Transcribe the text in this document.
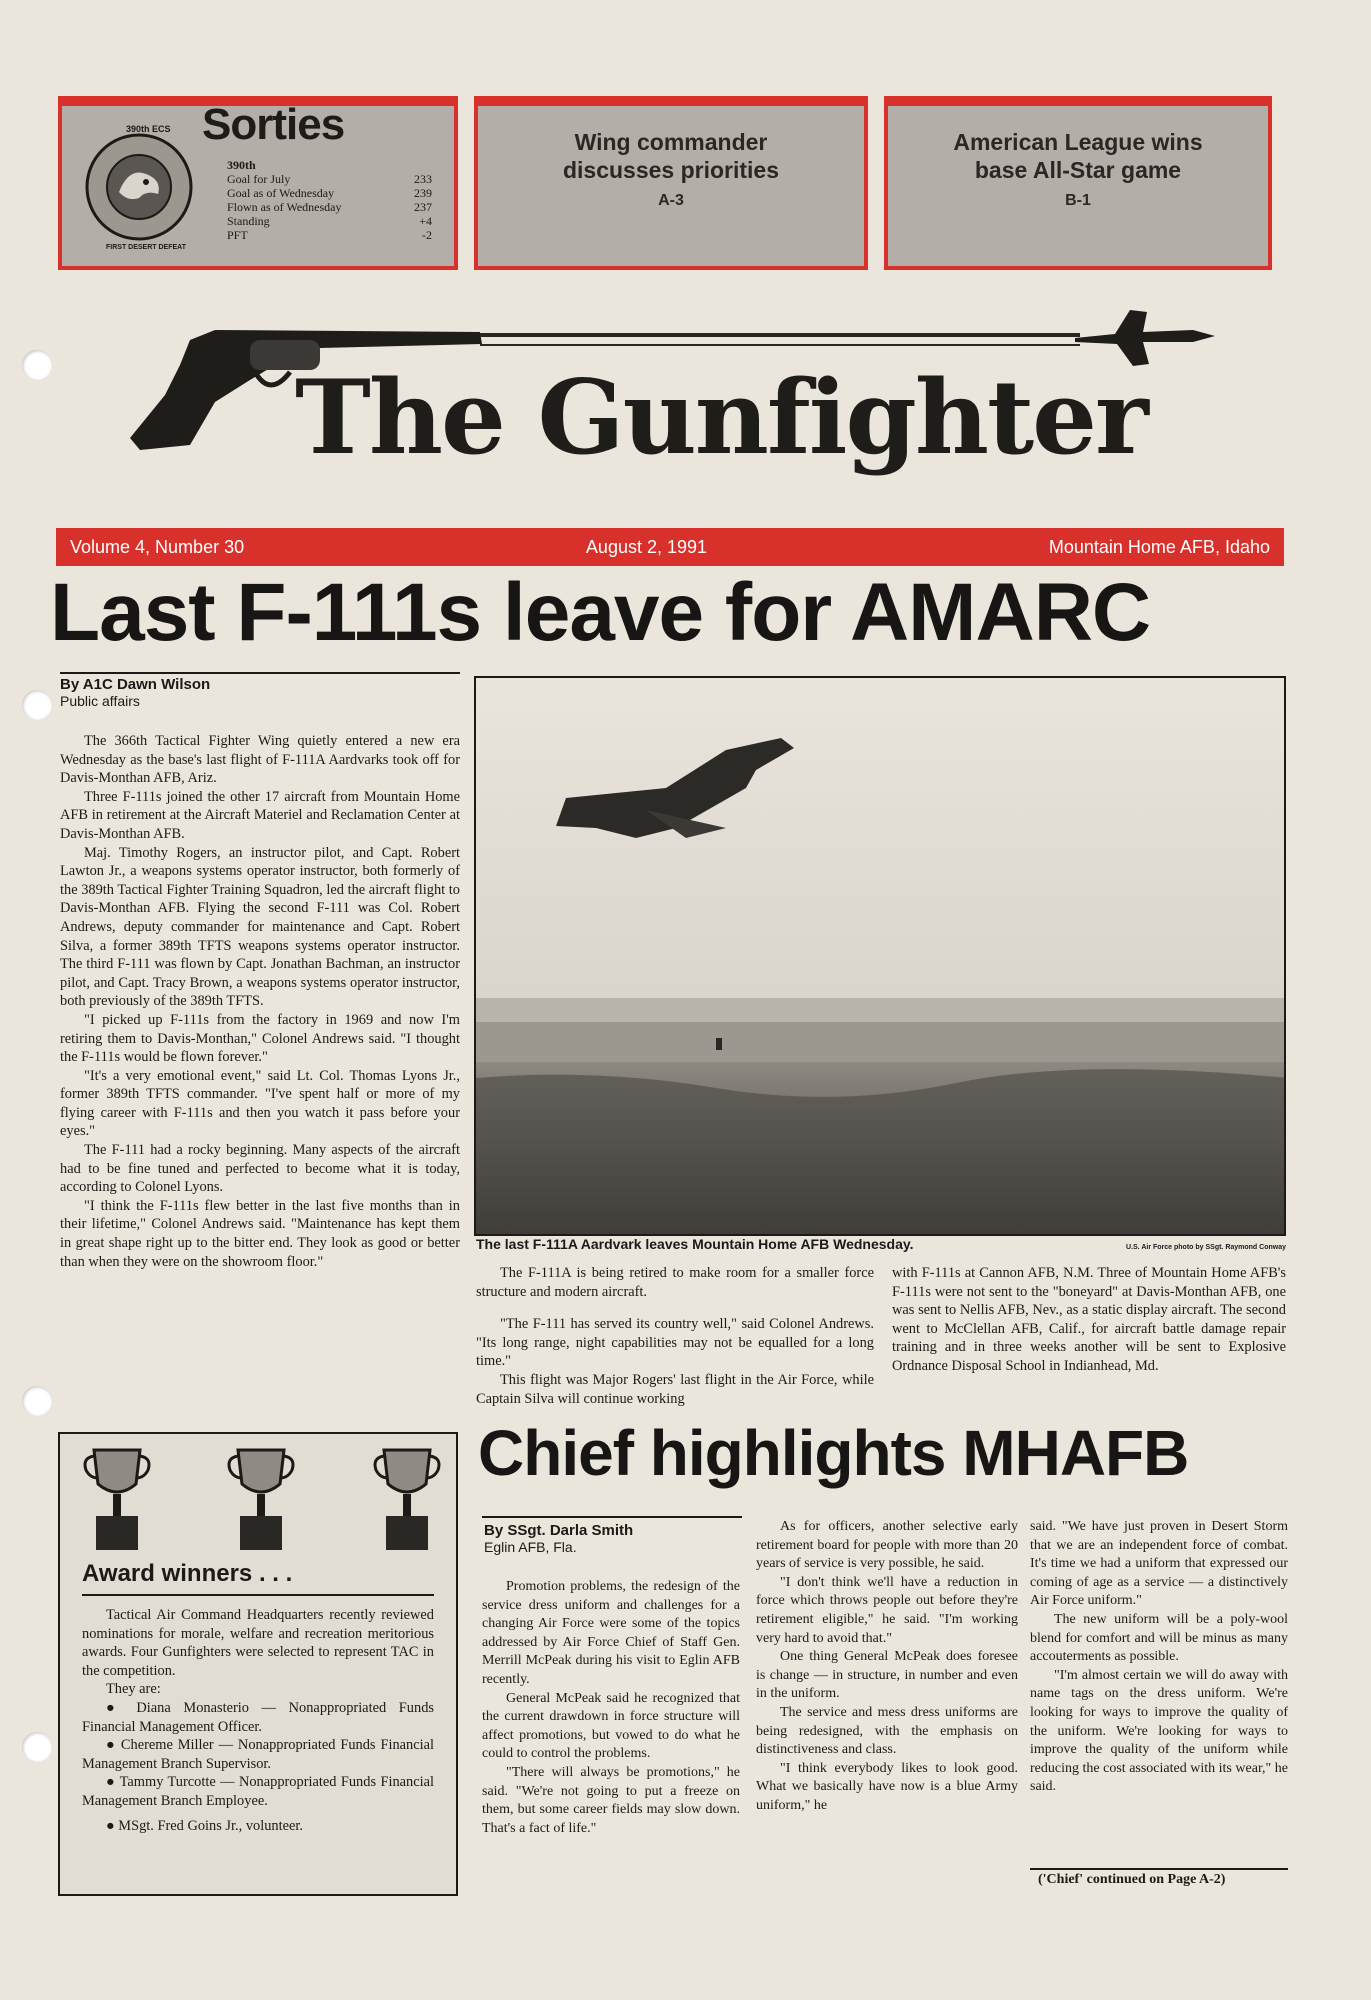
390th ECS
FIRST DESERT DEFEAT
Sorties
390th
Goal for July	233
Goal as of Wednesday	239
Flown as of Wednesday	237
Standing	+4
PFT	-2
Wing commander discusses priorities
A-3
American League wins base All-Star game
B-1
The Gunfighter
Volume 4, Number 30	August 2, 1991	Mountain Home AFB, Idaho
Last F-111s leave for AMARC
By A1C Dawn Wilson
Public affairs

The 366th Tactical Fighter Wing quietly entered a new era Wednesday as the base's last flight of F-111A Aardvarks took off for Davis-Monthan AFB, Ariz.

Three F-111s joined the other 17 aircraft from Mountain Home AFB in retirement at the Aircraft Materiel and Reclamation Center at Davis-Monthan AFB.

Maj. Timothy Rogers, an instructor pilot, and Capt. Robert Lawton Jr., a weapons systems operator instructor, both formerly of the 389th Tactical Fighter Training Squadron, led the aircraft flight to Davis-Monthan AFB. Flying the second F-111 was Col. Robert Andrews, deputy commander for maintenance and Capt. Robert Silva, a former 389th TFTS weapons systems operator instructor. The third F-111 was flown by Capt. Jonathan Bachman, an instructor pilot, and Capt. Tracy Brown, a weapons systems operator instructor, both previously of the 389th TFTS.

"I picked up F-111s from the factory in 1969 and now I'm retiring them to Davis-Monthan," Colonel Andrews said. "I thought the F-111s would be flown forever."

"It's a very emotional event," said Lt. Col. Thomas Lyons Jr., former 389th TFTS commander. "I've spent half or more of my flying career with F-111s and then you watch it pass before your eyes."

The F-111 had a rocky beginning. Many aspects of the aircraft had to be fine tuned and perfected to become what it is today, according to Colonel Lyons.

"I think the F-111s flew better in the last five months than in their lifetime," Colonel Andrews said. "Maintenance has kept them in great shape right up to the bitter end. They look as good or better than when they were on the showroom floor."

The last F-111A Aardvark leaves Mountain Home AFB Wednesday.	U.S. Air Force photo by SSgt. Raymond Conway

The F-111A is being retired to make room for a smaller force structure and modern aircraft.

"The F-111 has served its country well," said Colonel Andrews. "Its long range, night capabilities may not be equalled for a long time."

This flight was Major Rogers' last flight in the Air Force, while Captain Silva will continue working

with F-111s at Cannon AFB, N.M. Three of Mountain Home AFB's F-111s were not sent to the "boneyard" at Davis-Monthan AFB, one was sent to Nellis AFB, Nev., as a static display aircraft. The second went to McClellan AFB, Calif., for aircraft battle damage repair training and in three weeks another will be sent to Explosive Ordnance Disposal School in Indianhead, Md.

Award winners . . .

Tactical Air Command Headquarters recently reviewed nominations for morale, welfare and recreation meritorious awards. Four Gunfighters were selected to represent TAC in the competition.

They are:

● Diana Monasterio — Nonappropriated Funds Financial Management Officer.

● Chereme Miller — Nonappropriated Funds Financial Management Branch Supervisor.

● Tammy Turcotte — Nonappropriated Funds Financial Management Branch Employee.

● MSgt. Fred Goins Jr., volunteer.

Chief highlights MHAFB
By SSgt. Darla Smith
Eglin AFB, Fla.

Promotion problems, the redesign of the service dress uniform and challenges for a changing Air Force were some of the topics addressed by Air Force Chief of Staff Gen. Merrill McPeak during his visit to Eglin AFB recently.

General McPeak said he recognized that the current drawdown in force structure will affect promotions, but vowed to do what he could to control the problems.

"There will always be promotions," he said. "We're not going to put a freeze on them, but some career fields may slow down. That's a fact of life."

As for officers, another selective early retirement board for people with more than 20 years of service is very possible, he said.

"I don't think we'll have a reduction in force which throws people out before they're retirement eligible," he said. "I'm working very hard to avoid that."

One thing General McPeak does foresee is change — in structure, in number and even in the uniform.

The service and mess dress uniforms are being redesigned, with the emphasis on distinctiveness and class.

"I think everybody likes to look good. What we basically have now is a blue Army uniform," he

said. "We have just proven in Desert Storm that we are an independent force of combat. It's time we had a uniform that expressed our coming of age as a service — a distinctively Air Force uniform."

The new uniform will be a poly-wool blend for comfort and will be minus as many accouterments as possible.

"I'm almost certain we will do away with name tags on the dress uniform. We're looking for ways to improve the quality of the uniform. We're looking for ways to improve the quality of the uniform while reducing the cost associated with its wear," he said.

('Chief' continued on Page A-2)
